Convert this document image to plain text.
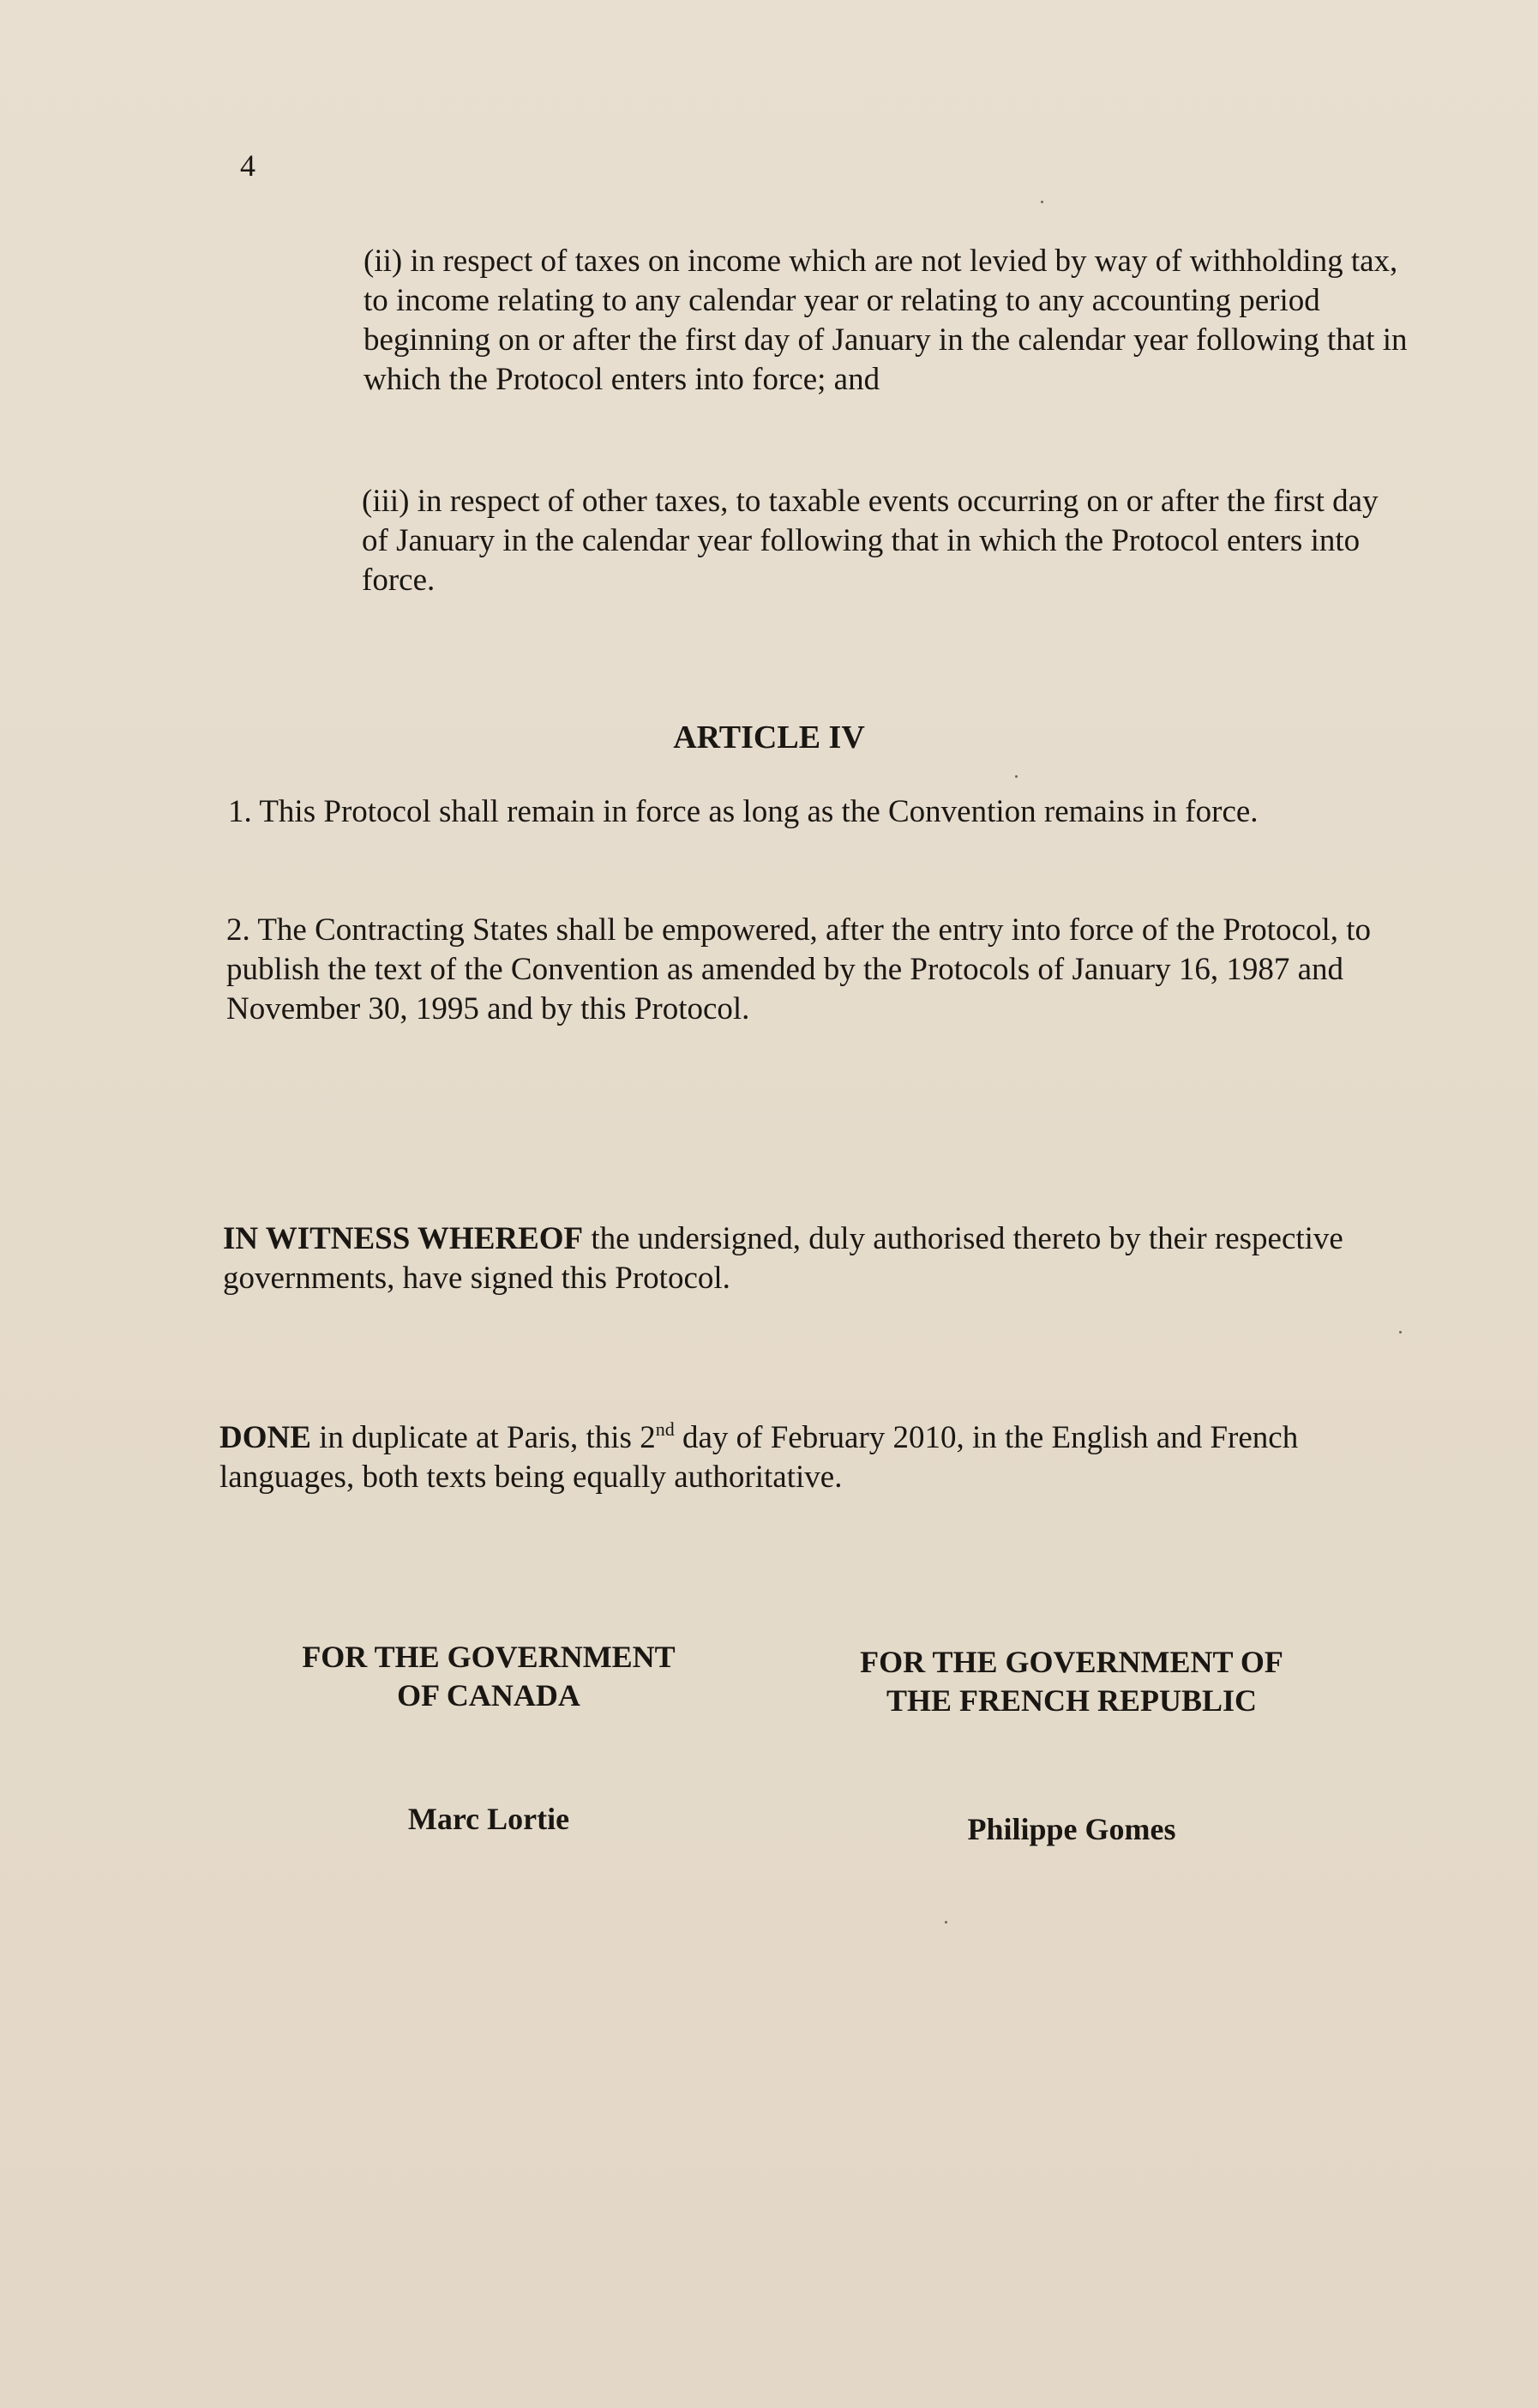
4

(ii) in respect of taxes on income which are not levied by way of withholding tax, to income relating to any calendar year or relating to any accounting period beginning on or after the first day of January in the calendar year following that in which the Protocol enters into force; and

(iii) in respect of other taxes, to taxable events occurring on or after the first day of January in the calendar year following that in which the Protocol enters into force.

ARTICLE IV

1. This Protocol shall remain in force as long as the Convention remains in force.

2. The Contracting States shall be empowered, after the entry into force of the Protocol, to publish the text of the Convention as amended by the Protocols of January 16, 1987 and November 30, 1995 and by this Protocol.

IN WITNESS WHEREOF the undersigned, duly authorised thereto by their respective governments, have signed this Protocol.

DONE in duplicate at Paris, this 2nd day of February 2010, in the English and French languages, both texts being equally authoritative.

FOR THE GOVERNMENT
OF CANADA
FOR THE GOVERNMENT OF
THE FRENCH REPUBLIC
Marc Lortie	Philippe Gomes
